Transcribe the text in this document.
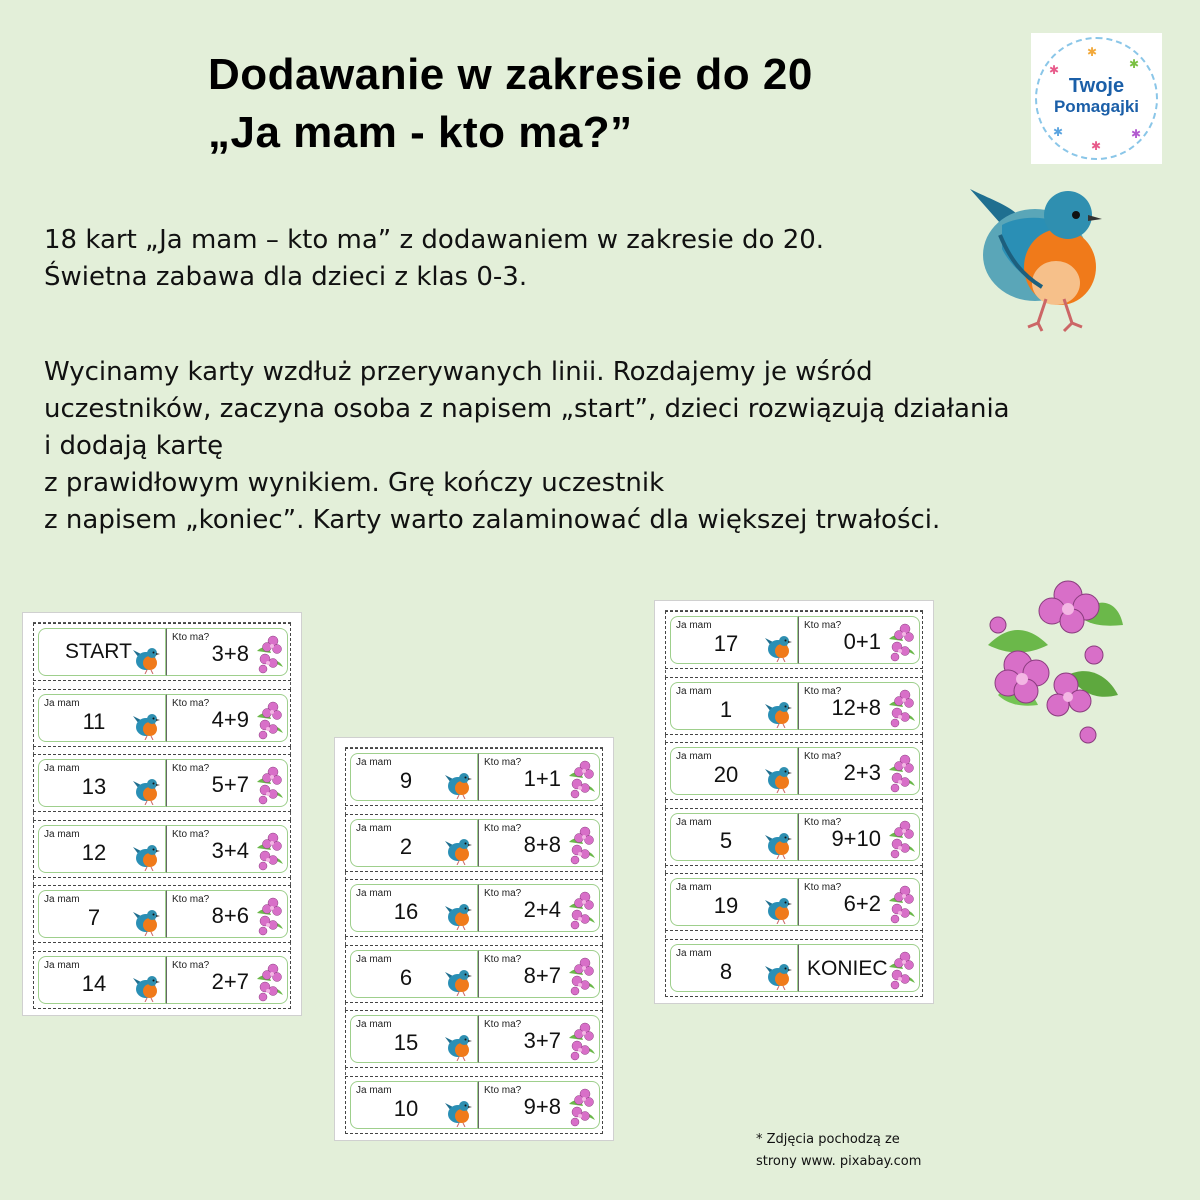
Dodawanie w zakresie do 20
„Ja mam - kto ma?”
✱	✱
✱
✱	✱
✱
Twoje
Pomagajki

18 kart „Ja mam – kto ma” z dodawaniem w zakresie do 20.

Świetna zabawa dla dzieci z klas 0-3.

Wycinamy karty wzdłuż przerywanych linii. Rozdajemy je wśród

uczestników, zaczyna osoba z napisem „start”, dzieci rozwiązują działania

i dodają kartę

z prawidłowym wynikiem. Grę kończy uczestnik

z napisem „koniec”. Karty warto zalaminować dla większej trwałości.

START
Kto ma?
3+8
Ja mam
11
Kto ma?
4+9
Ja mam
13
Kto ma?
5+7
Ja mam
12
Kto ma?
3+4
Ja mam
7
Kto ma?
8+6
Ja mam
14
Kto ma?
2+7
Ja mam
9
Kto ma?
1+1
Ja mam
2
Kto ma?
8+8
Ja mam
16
Kto ma?
2+4
Ja mam
6
Kto ma?
8+7
Ja mam
15
Kto ma?
3+7
Ja mam
10
Kto ma?
9+8
Ja mam
17
Kto ma?
0+1
Ja mam
1
Kto ma?
12+8
Ja mam
20
Kto ma?
2+3
Ja mam
5
Kto ma?
9+10
Ja mam
19
Kto ma?
6+2
Ja mam
8	KONIEC

* Zdjęcia pochodzą ze

strony www. pixabay.com
